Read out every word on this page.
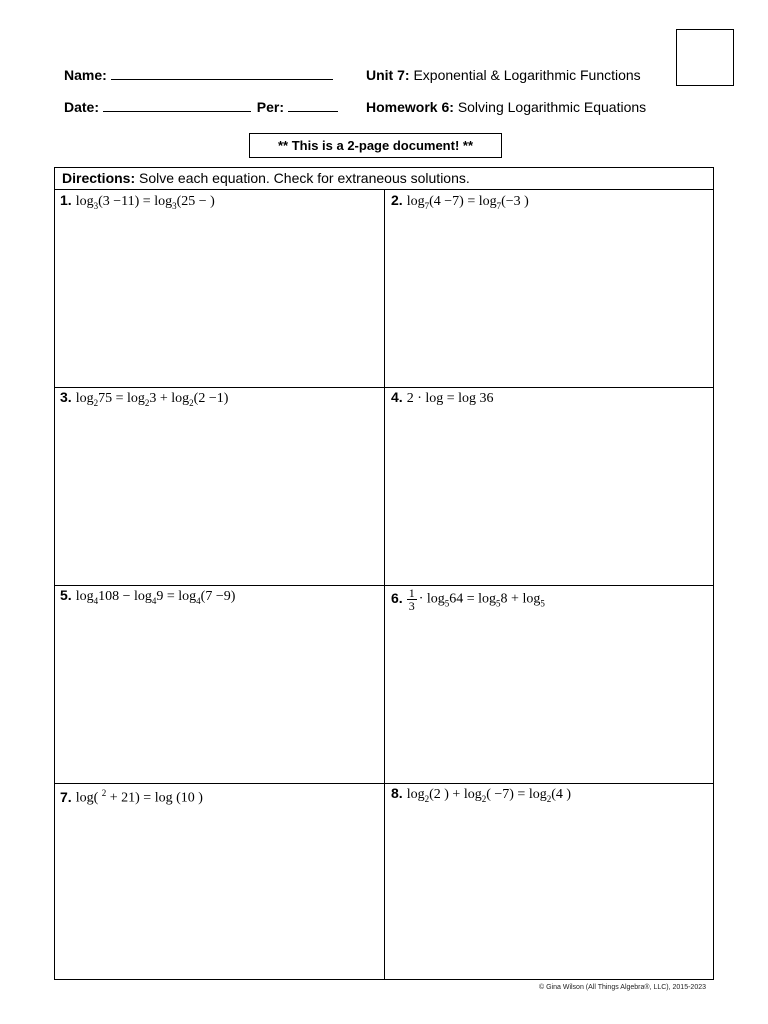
Name:	Unit 7: Exponential & Logarithmic Functions
Date:	Per:	Homework 6: Solving Logarithmic Equations
** This is a 2-page document! **
Directions: Solve each equation. Check for extraneous solutions.
1. $\log_3(3 -11) = \log_3(25$ − )	2. $\log_7(4 -7) = \log_7(-3$ )
3. $\log_275 = \log_23 + \log_2(2 -1)$	4. 2 · log = log 36
5. $\log_4108 - \log_49 = \log_4(7 -9)$	6. $\frac{1}{3} \cdot \log_564 = \log_58 + \log_5$
7. log( $^2$ + 21) = log (10 )	8. $\log_2(2$ ) + $\log_2( -7) = \log_2(4$ )
© Gina Wilson (All Things Algebra®, LLC), 2015-2023
